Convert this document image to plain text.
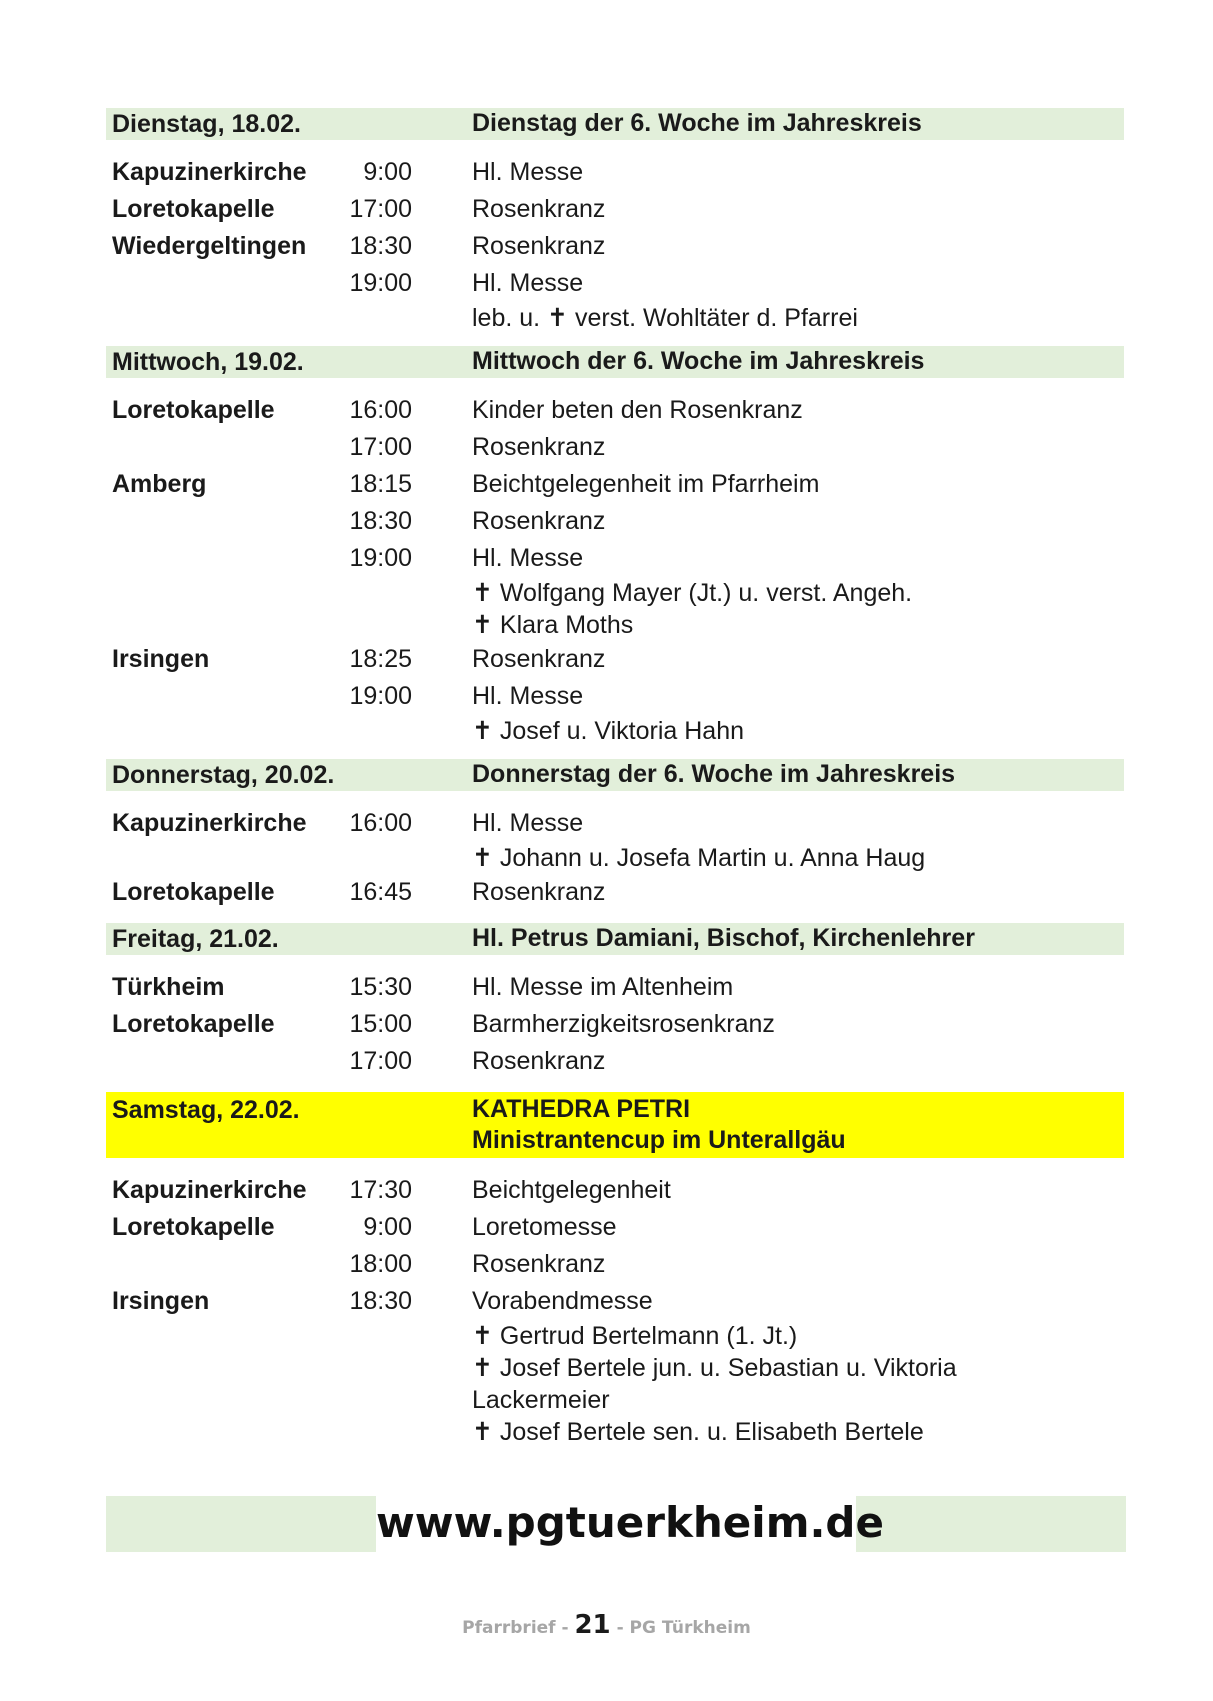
Dienstag, 18.02.	Dienstag der 6. Woche im Jahreskreis
Kapuzinerkirche	9:00 Hl. Messe
Loretokapelle	17:00 Rosenkranz
Wiedergeltingen	18:30 Rosenkranz
19:00 Hl. Messe
leb. u. ✝ verst. Wohltäter d. Pfarrei
Mittwoch, 19.02.	Mittwoch der 6. Woche im Jahreskreis
Loretokapelle	16:00 Kinder beten den Rosenkranz
17:00 Rosenkranz
Amberg	18:15 Beichtgelegenheit im Pfarrheim
18:30 Rosenkranz
19:00 Hl. Messe
✝ Wolfgang Mayer (Jt.) u. verst. Angeh.
✝ Klara Moths
Irsingen	18:25 Rosenkranz
19:00 Hl. Messe
✝ Josef u. Viktoria Hahn
Donnerstag, 20.02.	Donnerstag der 6. Woche im Jahreskreis
Kapuzinerkirche	16:00 Hl. Messe
✝ Johann u. Josefa Martin u. Anna Haug
Loretokapelle	16:45 Rosenkranz
Freitag, 21.02.	Hl. Petrus Damiani, Bischof, Kirchenlehrer
Türkheim	15:30 Hl. Messe im Altenheim
Loretokapelle	15:00 Barmherzigkeitsrosenkranz
17:00 Rosenkranz
Samstag, 22.02.	KATHEDRA PETRI
Ministrantencup im Unterallgäu
Kapuzinerkirche	17:30 Beichtgelegenheit
Loretokapelle	9:00 Loretomesse
18:00 Rosenkranz
Irsingen	18:30 Vorabendmesse
✝ Gertrud Bertelmann (1. Jt.)
✝ Josef Bertele jun. u. Sebastian u. Viktoria
Lackermeier
✝ Josef Bertele sen. u. Elisabeth Bertele
www.pgtuerkheim.de
Pfarrbrief - 21 - PG Türkheim
